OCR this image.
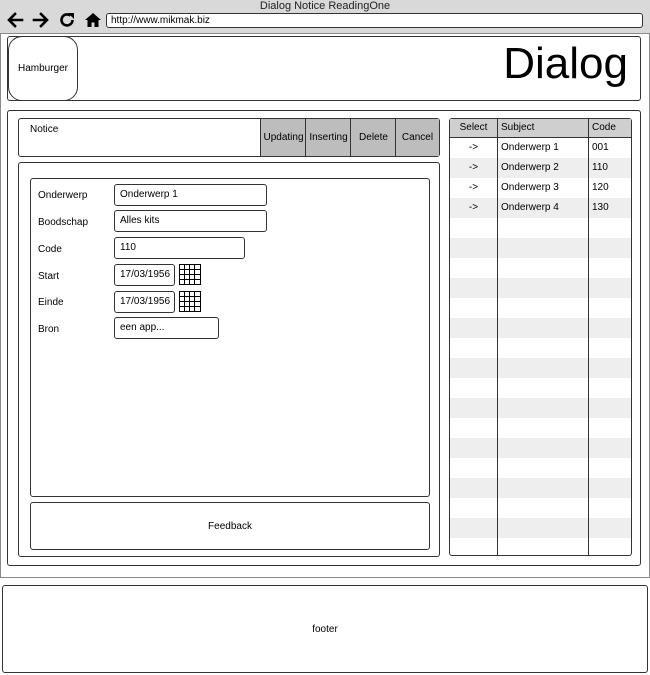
Dialog Notice ReadingOne
http://www.mikmak.biz
Hamburger	Dialog
Notice
Updating Inserting	Delete	Cancel
Onderwerp	Onderwerp 1
Boodschap	Alles kits
Code	110
Start	17/03/1956
Einde	17/03/1956
Bron	een app...
Feedback
Select	Subject	Code
->	Onderwerp 1	001
->	Onderwerp 2	110
->	Onderwerp 3	120
->	Onderwerp 4	130
footer
